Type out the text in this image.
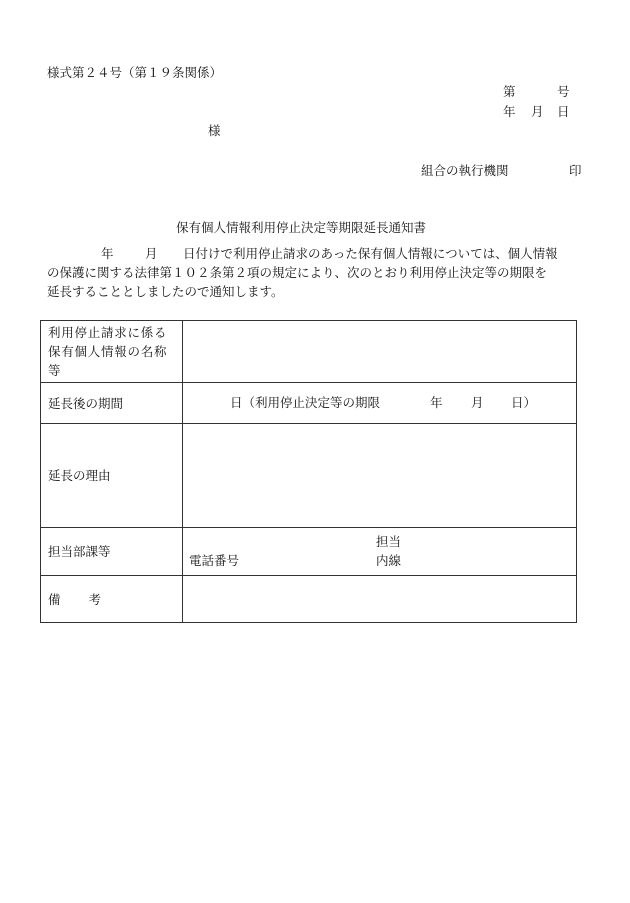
様式第２４号（第１９条関係）
第	号
年 月 日
様
組合の執行機関	印
保有個人情報利用停止決定等期限延長通知書
年	月 日付けで利用停止請求のあった保有個人情報については、個人情報
の保護に関する法律第１０２条第２項の規定により、次のとおり利用停止決定等の期限を
延長することとしましたので通知します。
利用停止請求に係る
保有個人情報の名称
等	

延長後の期間	日（利用停止決定等の期限 年 月 日）

延長の理由	
担当部課等	担当
電話番号 内線

備 考	
